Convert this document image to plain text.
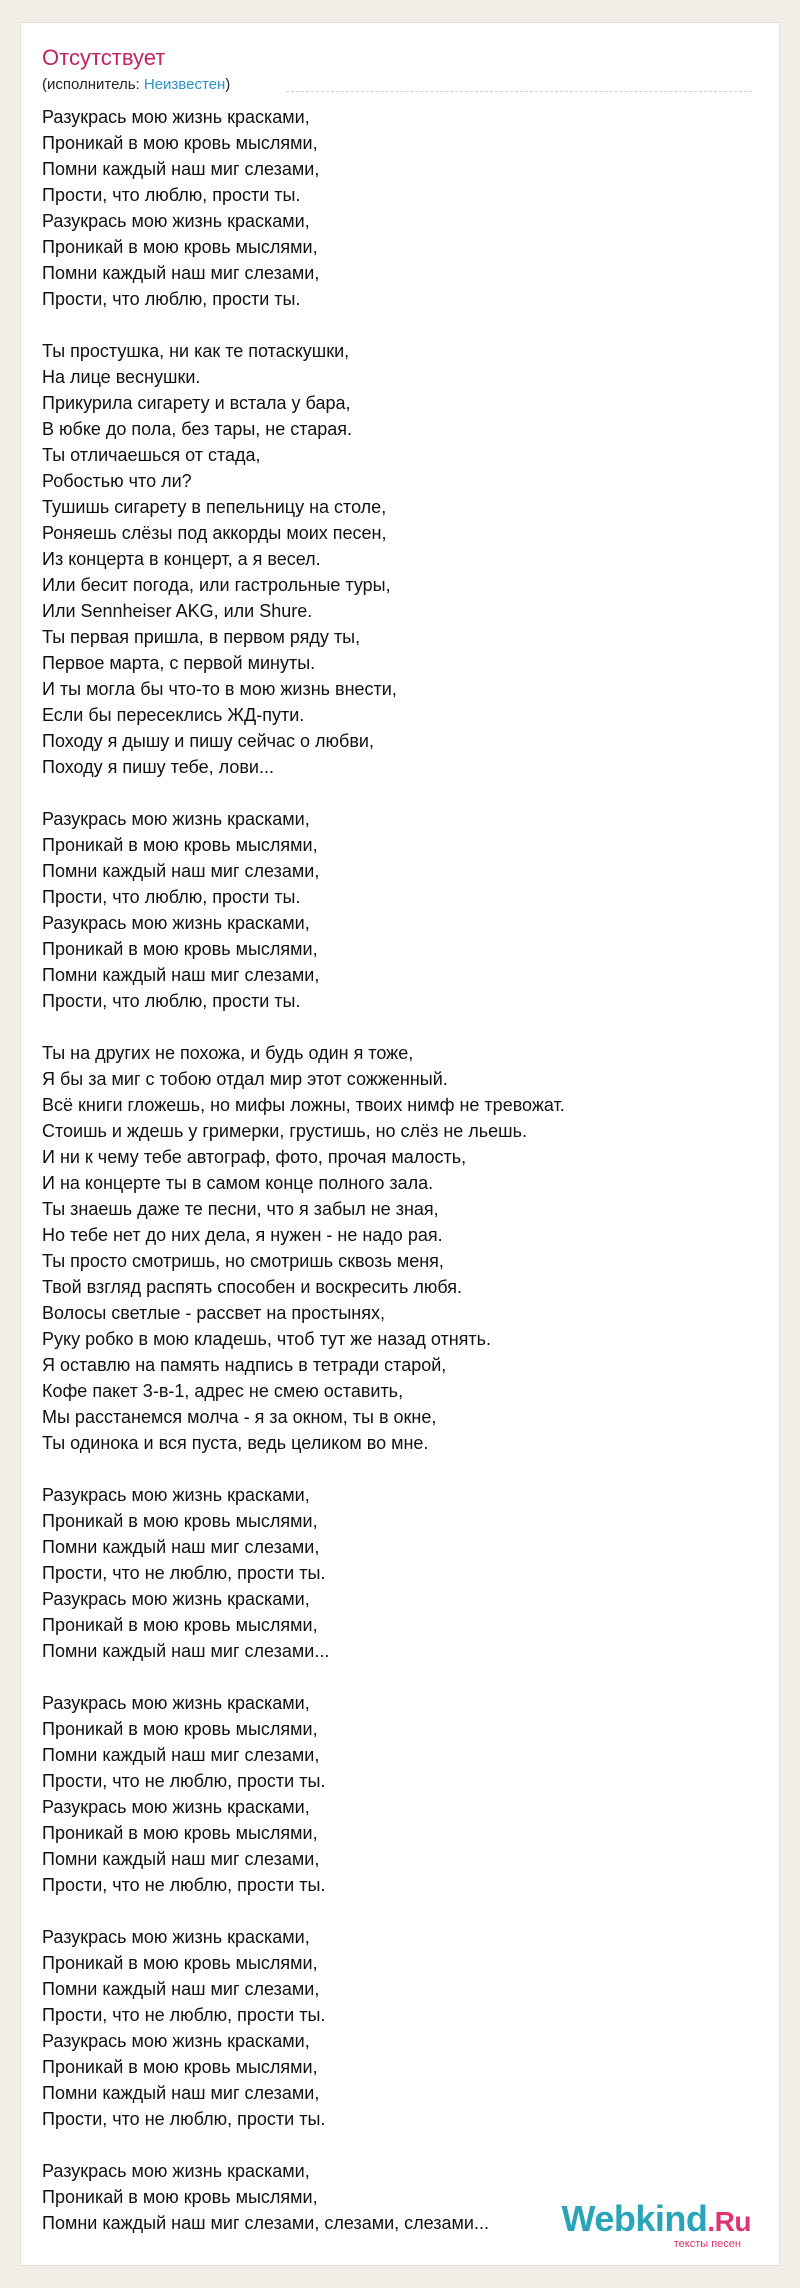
Отсутствует
(исполнитель: Неизвестен)
Разукрась мою жизнь красками,
Проникай в мою кровь мыслями,
Помни каждый наш миг слезами,
Прости, что люблю, прости ты.
Разукрась мою жизнь красками,
Проникай в мою кровь мыслями,
Помни каждый наш миг слезами,
Прости, что люблю, прости ты.
Ты простушка, ни как те потаскушки,
На лице веснушки.
Прикурила сигарету и встала у бара,
В юбке до пола, без тары, не старая.
Ты отличаешься от стада,
Робостью что ли?
Тушишь сигарету в пепельницу на столе,
Роняешь слёзы под аккорды моих песен,
Из концерта в концерт, а я весел.
Или бесит погода, или гастрольные туры,
Или Sennheiser AKG, или Shure.
Ты первая пришла, в первом ряду ты,
Первое марта, с первой минуты.
И ты могла бы что-то в мою жизнь внести,
Если бы пересеклись ЖД-пути.
Походу я дышу и пишу сейчас о любви,
Походу я пишу тебе, лови...
Разукрась мою жизнь красками,
Проникай в мою кровь мыслями,
Помни каждый наш миг слезами,
Прости, что люблю, прости ты.
Разукрась мою жизнь красками,
Проникай в мою кровь мыслями,
Помни каждый наш миг слезами,
Прости, что люблю, прости ты.
Ты на других не похожа, и будь один я тоже,
Я бы за миг с тобою отдал мир этот сожженный.
Всё книги гложешь, но мифы ложны, твоих нимф не тревожат.
Стоишь и ждешь у гримерки, грустишь, но слёз не льешь.
И ни к чему тебе автограф, фото, прочая малость,
И на концерте ты в самом конце полного зала.
Ты знаешь даже те песни, что я забыл не зная,
Но тебе нет до них дела, я нужен - не надо рая.
Ты просто смотришь, но смотришь сквозь меня,
Твой взгляд распять способен и воскресить любя.
Волосы светлые - рассвет на простынях,
Руку робко в мою кладешь, чтоб тут же назад отнять.
Я оставлю на память надпись в тетради старой,
Кофе пакет 3-в-1, адрес не смею оставить,
Мы расстанемся молча - я за окном, ты в окне,
Ты одинока и вся пуста, ведь целиком во мне.
Разукрась мою жизнь красками,
Проникай в мою кровь мыслями,
Помни каждый наш миг слезами,
Прости, что не люблю, прости ты.
Разукрась мою жизнь красками,
Проникай в мою кровь мыслями,
Помни каждый наш миг слезами...
Разукрась мою жизнь красками,
Проникай в мою кровь мыслями,
Помни каждый наш миг слезами,
Прости, что не люблю, прости ты.
Разукрась мою жизнь красками,
Проникай в мою кровь мыслями,
Помни каждый наш миг слезами,
Прости, что не люблю, прости ты.
Разукрась мою жизнь красками,
Проникай в мою кровь мыслями,
Помни каждый наш миг слезами,
Прости, что не люблю, прости ты.
Разукрась мою жизнь красками,
Проникай в мою кровь мыслями,
Помни каждый наш миг слезами,
Прости, что не люблю, прости ты.
Разукрась мою жизнь красками,
Проникай в мою кровь мыслями,
Помни каждый наш миг слезами, слезами, слезами...	Webkind.Ru
тексты песен
